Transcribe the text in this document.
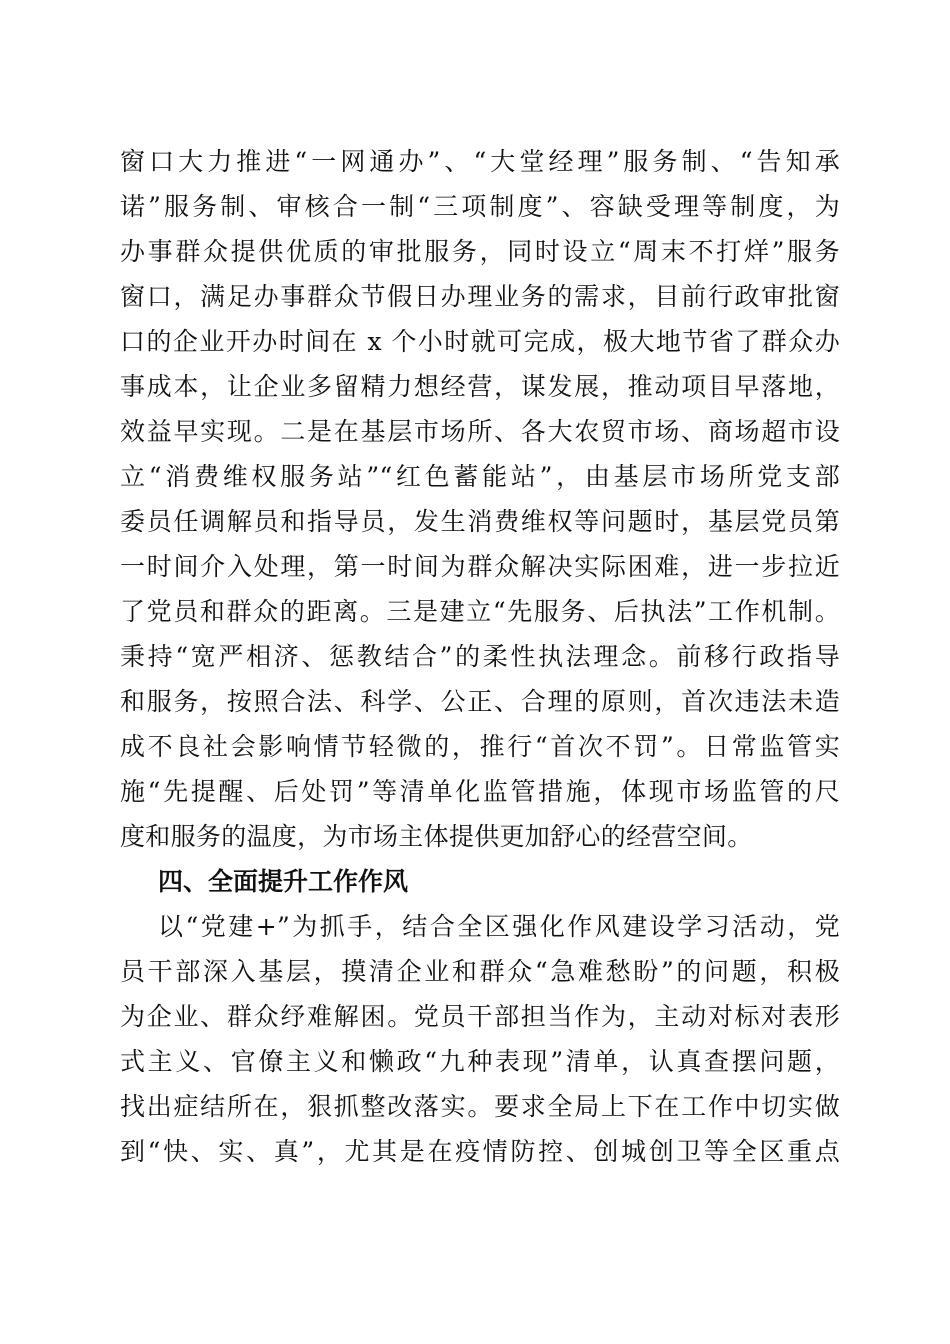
窗口大力推进“一网通办”、“大堂经理”服务制、“告知承
诺”服务制、审核合一制“三项制度”、容缺受理等制度，为
办事群众提供优质的审批服务，同时设立“周末不打烊”服务
窗口，满足办事群众节假日办理业务的需求，目前行政审批窗
口的企业开办时间在 x 个小时就可完成，极大地节省了群众办
事成本，让企业多留精力想经营，谋发展，推动项目早落地，
效益早实现。二是在基层市场所、各大农贸市场、商场超市设
立“消费维权服务站”“红色蓄能站”，由基层市场所党支部
委员任调解员和指导员，发生消费维权等问题时，基层党员第
一时间介入处理，第一时间为群众解决实际困难，进一步拉近
了党员和群众的距离。三是建立“先服务、后执法”工作机制。
秉持“宽严相济、惩教结合”的柔性执法理念。前移行政指导
和服务，按照合法、科学、公正、合理的原则，首次违法未造
成不良社会影响情节轻微的，推行“首次不罚”。日常监管实
施“先提醒、后处罚”等清单化监管措施，体现市场监管的尺
度和服务的温度，为市场主体提供更加舒心的经营空间。
四、全面提升工作作风
以“党建+”为抓手，结合全区强化作风建设学习活动，党
员干部深入基层，摸清企业和群众“急难愁盼”的问题，积极
为企业、群众纾难解困。党员干部担当作为，主动对标对表形
式主义、官僚主义和懒政“九种表现”清单，认真查摆问题，
找出症结所在，狠抓整改落实。要求全局上下在工作中切实做
到“快、实、真”，尤其是在疫情防控、创城创卫等全区重点
